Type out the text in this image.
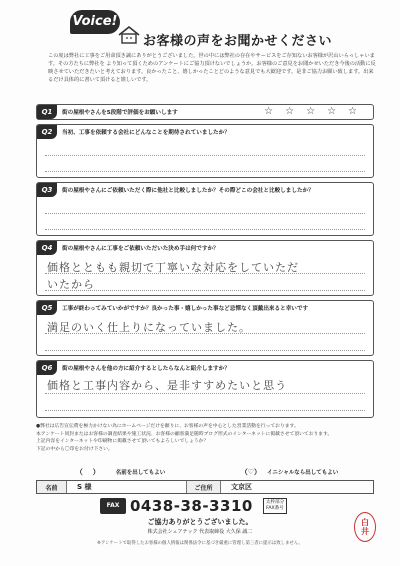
Voice!
お客様の声をお聞かせください
この度は弊社に工事をご用命頂き誠にありがとうございました。世の中には弊社の存在やサービスをご存知ないお客様が沢山いらっしゃいます。その方たちに弊社を より知って頂くためのアンケートにご協力頂けないでしょうか。お客様のご意見をお聞かせいただき今後の活動に反映させていただきたいと考えております。良かったこと、嬉しかったことどのような意見でも大歓迎です。是非ご協力お願い致します。出来るだけ具体的に書いて頂けると嬉しいです。
Q1	街の屋根やさんを5段階で評価をお願いします	☆ ☆ ☆ ☆ ☆
Q2	当初、工事を依頼する会社にどんなことを期待されていましたか？
Q3	街の屋根やさんにご依頼いただく際に他社と比較しましたか？その際どこの会社と比較しましたか？
Q4	街の屋根やさんに工事をご依頼いただいた決め手は何ですか？
価格とともも親切で丁寧いな対応をしていただ
いたから
Q5	工事が終わってみていかがですか？良かった事・嬉しかった事など忌憚なく頂戴出来ると幸いです
満足のいく仕上りになっていました。
Q6	街の屋根やさんを他の方に紹介するとしたらなんと紹介しますか？
価格と工事内容から、是非すすめたいと思う
●弊社は広告宣伝費を極力かけない為にホームページだけを頼りに、お客様の声を中心とした営業活動を行っております。
本アンケート同封またはお客様の調査結果や施工状況、お客様の顧客満足随時ブログ形式のインターネットに掲載させて頂いております。
上記内容をインターネットや印刷物に掲載させて頂いてもよろしいでしょうか？
下記の中から〇印をお付け下さい。
（） 名前を出してもよい	（♡） イニシャルなら出してもよい
名前	S 様	ご住所	文京区
FAX 0438-38-3310	太枠部分
FAX番号
ご協力ありがとうございました。
株式会社シェアテック 代表取締役 大久保 誠二
※アンケートで取得したお客様の個人情報は関係法令に基づき厳重に管理し第三者に提示は致しません。
白
井
